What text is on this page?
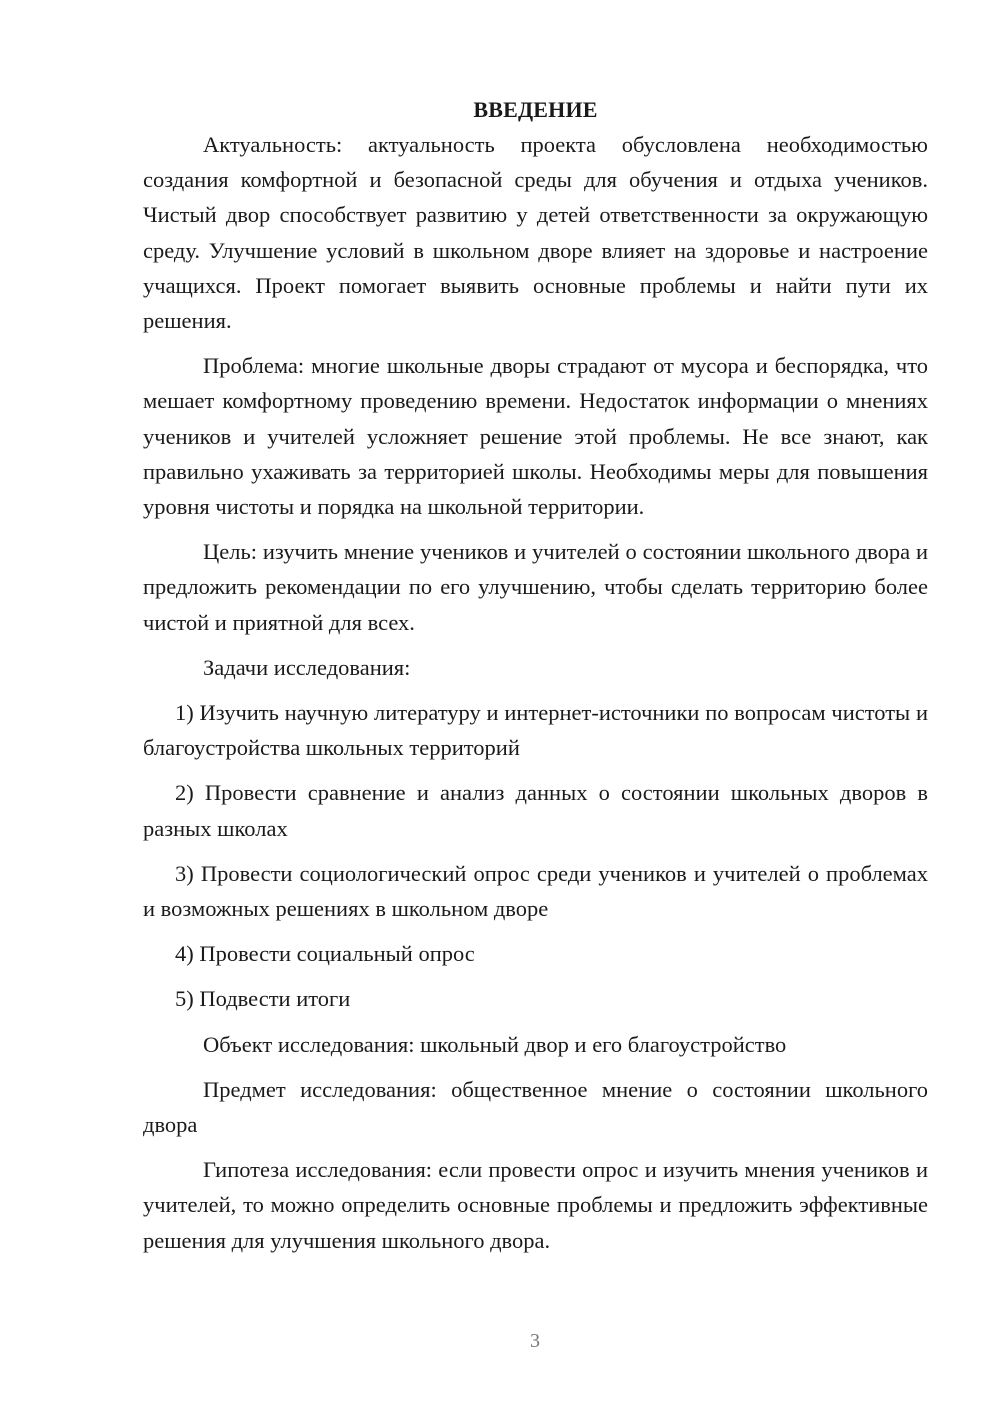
ВВЕДЕНИЕ

Актуальность: актуальность проекта обусловлена необходимостью создания комфортной и безопасной среды для обучения и отдыха учеников. Чистый двор способствует развитию у детей ответственности за окружающую среду. Улучшение условий в школьном дворе влияет на здоровье и настроение учащихся. Проект помогает выявить основные проблемы и найти пути их решения.

Проблема: многие школьные дворы страдают от мусора и беспорядка, что мешает комфортному проведению времени. Недостаток информации о мнениях учеников и учителей усложняет решение этой проблемы. Не все знают, как правильно ухаживать за территорией школы. Необходимы меры для повышения уровня чистоты и порядка на школьной территории.

Цель: изучить мнение учеников и учителей о состоянии школьного двора и предложить рекомендации по его улучшению, чтобы сделать территорию более чистой и приятной для всех.

Задачи исследования:

1) Изучить научную литературу и интернет-источники по вопросам чистоты и благоустройства школьных территорий

2) Провести сравнение и анализ данных о состоянии школьных дворов в разных школах

3) Провести социологический опрос среди учеников и учителей о проблемах и возможных решениях в школьном дворе

4) Провести социальный опрос

5) Подвести итоги

Объект исследования: школьный двор и его благоустройство

Предмет исследования: общественное мнение о состоянии школьного двора

Гипотеза исследования: если провести опрос и изучить мнения учеников и учителей, то можно определить основные проблемы и предложить эффективные решения для улучшения школьного двора.

3
